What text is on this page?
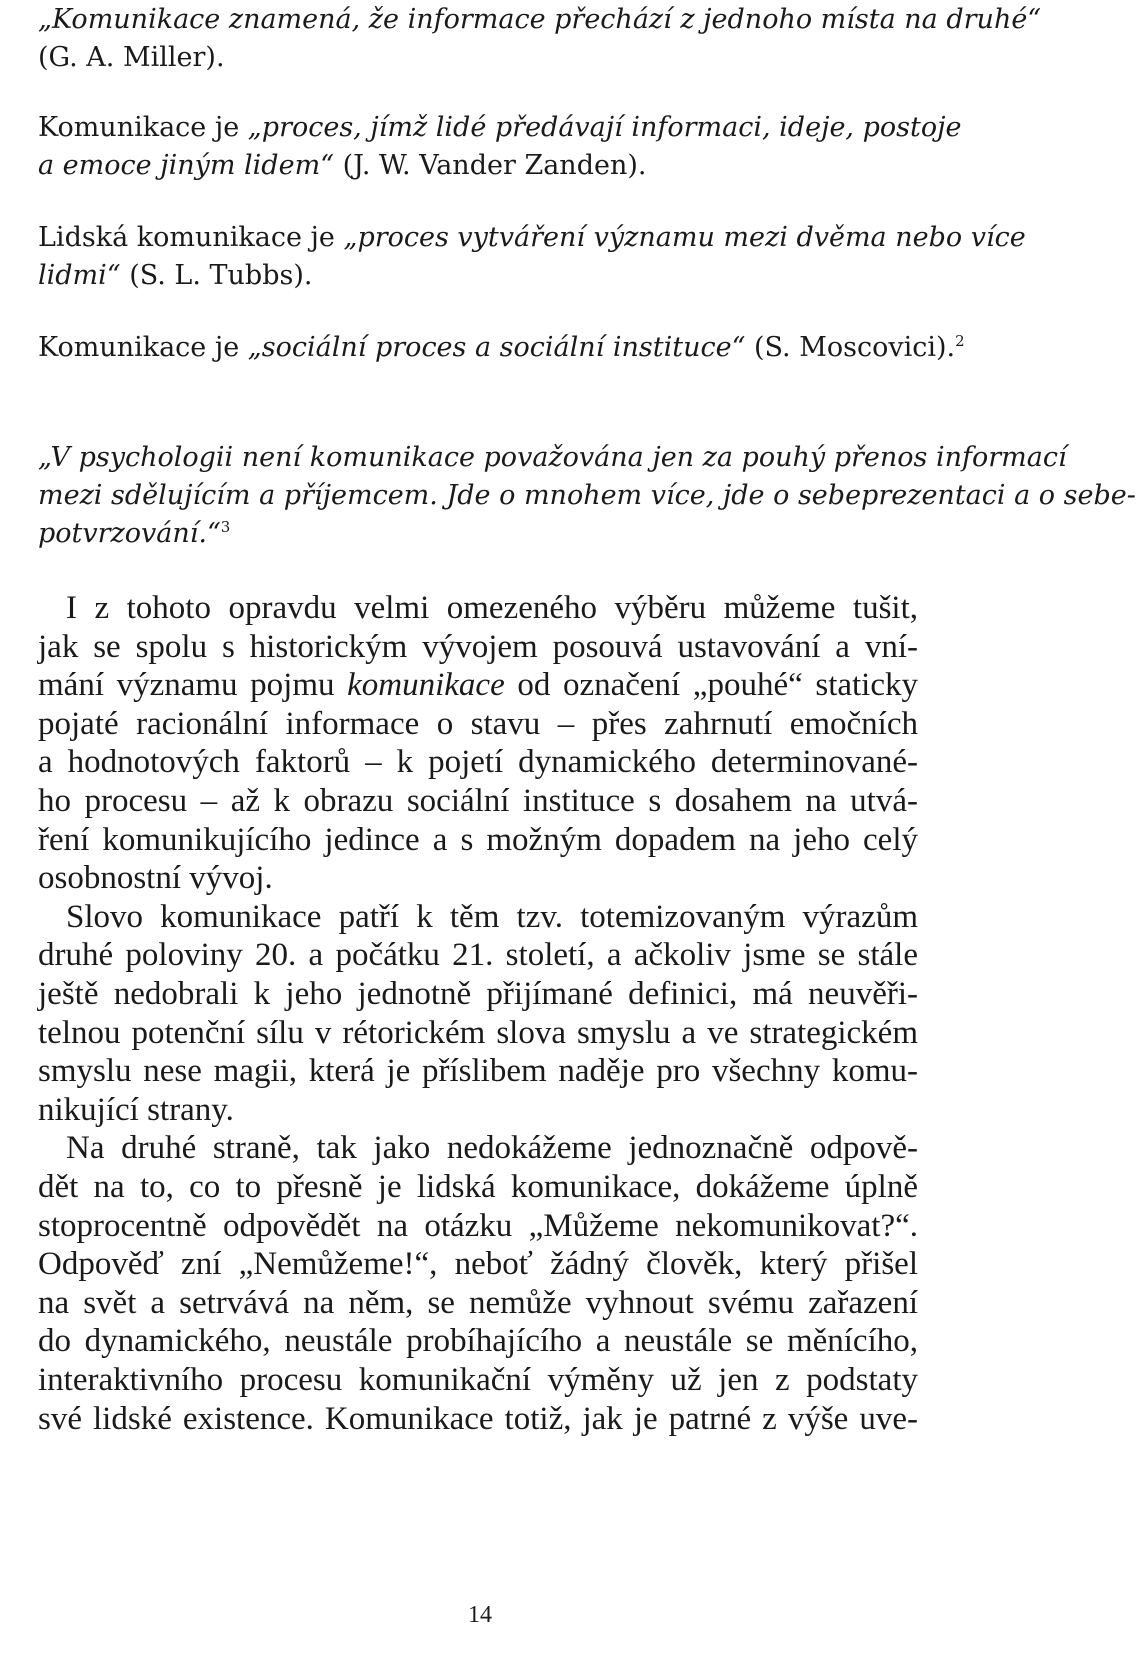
„Komunikace znamená, že informace přechází z jednoho místa na druhé“
(G. A. Miller).
Komunikace je „proces, jímž lidé předávají informaci, ideje, postoje
a emoce jiným lidem“ (J. W. Vander Zanden).
Lidská komunikace je „proces vytváření významu mezi dvěma nebo více
lidmi“ (S. L. Tubbs).
Komunikace je „sociální proces a sociální instituce“ (S. Moscovici).$^2$
„V psychologii není komunikace považována jen za pouhý přenos informací
mezi sdělujícím a příjemcem. Jde o mnohem více, jde o sebeprezentaci a o sebe-
potvrzování.“$^3$
I z tohoto opravdu velmi omezeného výběru můžeme tušit,
jak se spolu s historickým vývojem posouvá ustavování a vní-
mání významu pojmu komunikace od označení „pouhé“ staticky
pojaté racionální informace o stavu – přes zahrnutí emočních
a hodnotových faktorů – k pojetí dynamického determinované-
ho procesu – až k obrazu sociální instituce s dosahem na utvá-
ření komunikujícího jedince a s možným dopadem na jeho celý
osobnostní vývoj.
Slovo komunikace patří k těm tzv. totemizovaným výrazům
druhé poloviny 20. a počátku 21. století, a ačkoliv jsme se stále
ještě nedobrali k jeho jednotně přijímané definici, má neuvěři-
telnou potenční sílu v rétorickém slova smyslu a ve strategickém
smyslu nese magii, která je příslibem naděje pro všechny komu-
nikující strany.
Na druhé straně, tak jako nedokážeme jednoznačně odpově-
dět na to, co to přesně je lidská komunikace, dokážeme úplně
stoprocentně odpovědět na otázku „Můžeme nekomunikovat?“.
Odpověď zní „Nemůžeme!“, neboť žádný člověk, který přišel
na svět a setrvává na něm, se nemůže vyhnout svému zařazení
do dynamického, neustále probíhajícího a neustále se měnícího,
interaktivního procesu komunikační výměny už jen z podstaty
své lidské existence. Komunikace totiž, jak je patrné z výše uve-
14
